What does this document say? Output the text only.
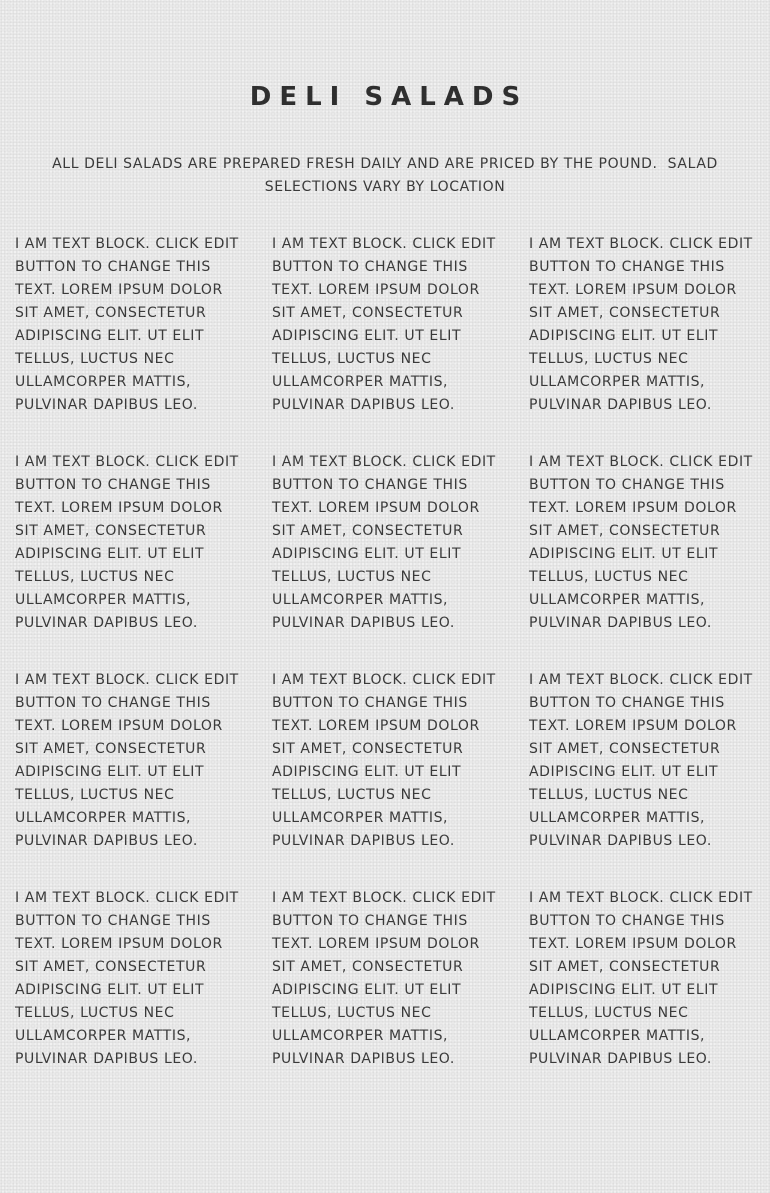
DELI SALADS

ALL DELI SALADS ARE PREPARED FRESH DAILY AND ARE PRICED BY THE POUND.  SALAD SELECTIONS VARY BY LOCATION

I AM TEXT BLOCK. CLICK EDIT BUTTON TO CHANGE THIS TEXT. LOREM IPSUM DOLOR SIT AMET, CONSECTETUR ADIPISCING ELIT. UT ELIT TELLUS, LUCTUS NEC ULLAMCORPER MATTIS, PULVINAR DAPIBUS LEO.

I AM TEXT BLOCK. CLICK EDIT BUTTON TO CHANGE THIS TEXT. LOREM IPSUM DOLOR SIT AMET, CONSECTETUR ADIPISCING ELIT. UT ELIT TELLUS, LUCTUS NEC ULLAMCORPER MATTIS, PULVINAR DAPIBUS LEO.

I AM TEXT BLOCK. CLICK EDIT BUTTON TO CHANGE THIS TEXT. LOREM IPSUM DOLOR SIT AMET, CONSECTETUR ADIPISCING ELIT. UT ELIT TELLUS, LUCTUS NEC ULLAMCORPER MATTIS, PULVINAR DAPIBUS LEO.

I AM TEXT BLOCK. CLICK EDIT BUTTON TO CHANGE THIS TEXT. LOREM IPSUM DOLOR SIT AMET, CONSECTETUR ADIPISCING ELIT. UT ELIT TELLUS, LUCTUS NEC ULLAMCORPER MATTIS, PULVINAR DAPIBUS LEO.

I AM TEXT BLOCK. CLICK EDIT BUTTON TO CHANGE THIS TEXT. LOREM IPSUM DOLOR SIT AMET, CONSECTETUR ADIPISCING ELIT. UT ELIT TELLUS, LUCTUS NEC ULLAMCORPER MATTIS, PULVINAR DAPIBUS LEO.

I AM TEXT BLOCK. CLICK EDIT BUTTON TO CHANGE THIS TEXT. LOREM IPSUM DOLOR SIT AMET, CONSECTETUR ADIPISCING ELIT. UT ELIT TELLUS, LUCTUS NEC ULLAMCORPER MATTIS, PULVINAR DAPIBUS LEO.

I AM TEXT BLOCK. CLICK EDIT BUTTON TO CHANGE THIS TEXT. LOREM IPSUM DOLOR SIT AMET, CONSECTETUR ADIPISCING ELIT. UT ELIT TELLUS, LUCTUS NEC ULLAMCORPER MATTIS, PULVINAR DAPIBUS LEO.

I AM TEXT BLOCK. CLICK EDIT BUTTON TO CHANGE THIS TEXT. LOREM IPSUM DOLOR SIT AMET, CONSECTETUR ADIPISCING ELIT. UT ELIT TELLUS, LUCTUS NEC ULLAMCORPER MATTIS, PULVINAR DAPIBUS LEO.

I AM TEXT BLOCK. CLICK EDIT BUTTON TO CHANGE THIS TEXT. LOREM IPSUM DOLOR SIT AMET, CONSECTETUR ADIPISCING ELIT. UT ELIT TELLUS, LUCTUS NEC ULLAMCORPER MATTIS, PULVINAR DAPIBUS LEO.

I AM TEXT BLOCK. CLICK EDIT BUTTON TO CHANGE THIS TEXT. LOREM IPSUM DOLOR SIT AMET, CONSECTETUR ADIPISCING ELIT. UT ELIT TELLUS, LUCTUS NEC ULLAMCORPER MATTIS, PULVINAR DAPIBUS LEO.

I AM TEXT BLOCK. CLICK EDIT BUTTON TO CHANGE THIS TEXT. LOREM IPSUM DOLOR SIT AMET, CONSECTETUR ADIPISCING ELIT. UT ELIT TELLUS, LUCTUS NEC ULLAMCORPER MATTIS, PULVINAR DAPIBUS LEO.

I AM TEXT BLOCK. CLICK EDIT BUTTON TO CHANGE THIS TEXT. LOREM IPSUM DOLOR SIT AMET, CONSECTETUR ADIPISCING ELIT. UT ELIT TELLUS, LUCTUS NEC ULLAMCORPER MATTIS, PULVINAR DAPIBUS LEO.
